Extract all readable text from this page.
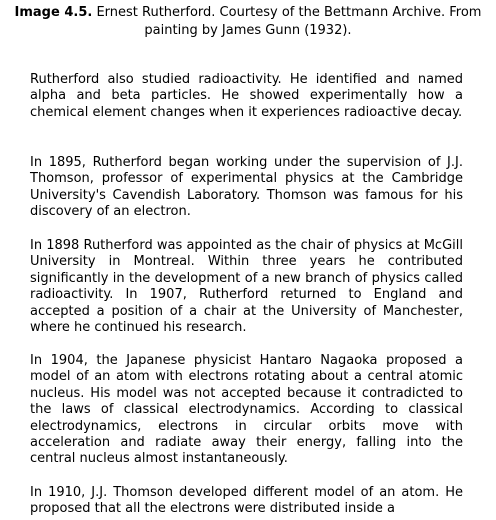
Image 4.5. Ernest Rutherford. Courtesy of the Bettmann Archive. From painting by James Gunn (1932).

Rutherford also studied radioactivity. He identified and named alpha and beta particles. He showed experimentally how a chemical element changes when it experiences radioactive decay.

In 1895, Rutherford began working under the supervision of J.J. Thomson, professor of experimental physics at the Cambridge University's Cavendish Laboratory. Thomson was famous for his discovery of an electron.

In 1898 Rutherford was appointed as the chair of physics at McGill University in Montreal. Within three years he contributed significantly in the development of a new branch of physics called radioactivity. In 1907, Rutherford returned to England and accepted a position of a chair at the University of Manchester, where he continued his research.

In 1904, the Japanese physicist Hantaro Nagaoka proposed a model of an atom with electrons rotating about a central atomic nucleus. His model was not accepted because it contradicted to the laws of classical electrodynamics. According to classical electrodynamics, electrons in circular orbits move with acceleration and radiate away their energy, falling into the central nucleus almost instantaneously.

In 1910, J.J. Thomson developed different model of an atom. He proposed that all the electrons were distributed inside a
